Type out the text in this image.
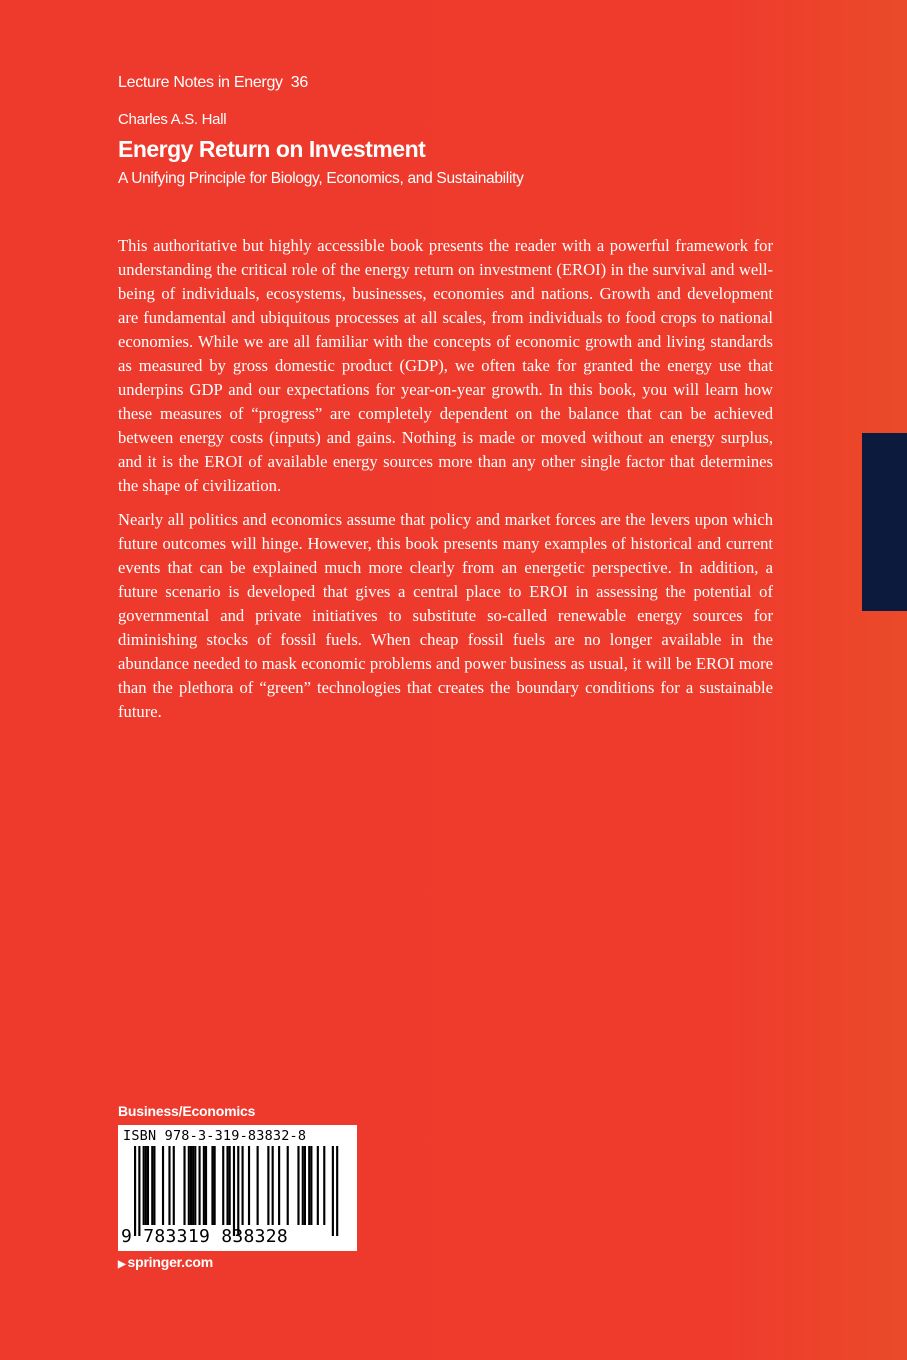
Lecture Notes in Energy 36
Charles A.S. Hall
Energy Return on Investment
A Unifying Principle for Biology, Economics, and Sustainability

This authoritative but highly accessible book presents the reader with a powerful framework for understanding the critical role of the energy return on investment (EROI) in the survival and well-being of individuals, ecosystems, businesses, economies and nations. Growth and development are fundamental and ubiquitous processes at all scales, from individuals to food crops to national economies. While we are all familiar with the concepts of economic growth and living standards as measured by gross domestic product (GDP), we often take for granted the energy use that underpins GDP and our expectations for year-on-year growth. In this book, you will learn how these measures of “progress” are completely dependent on the balance that can be achieved between energy costs (inputs) and gains. Nothing is made or moved without an energy surplus, and it is the EROI of available energy sources more than any other single factor that determines the shape of civilization.

Nearly all politics and economics assume that policy and market forces are the levers upon which future outcomes will hinge. However, this book presents many examples of historical and current events that can be explained much more clearly from an energetic perspective. In addition, a future scenario is developed that gives a central place to EROI in assessing the potential of governmental and private initiatives to substitute so-called renewable energy sources for diminishing stocks of fossil fuels. When cheap fossil fuels are no longer available in the abundance needed to mask economic problems and power business as usual, it will be EROI more than the plethora of “green” technologies that creates the boundary conditions for a sustainable future.

Business/Economics
ISBN 978-3-319-83832-8
9 783319 838328
▶ springer.com
